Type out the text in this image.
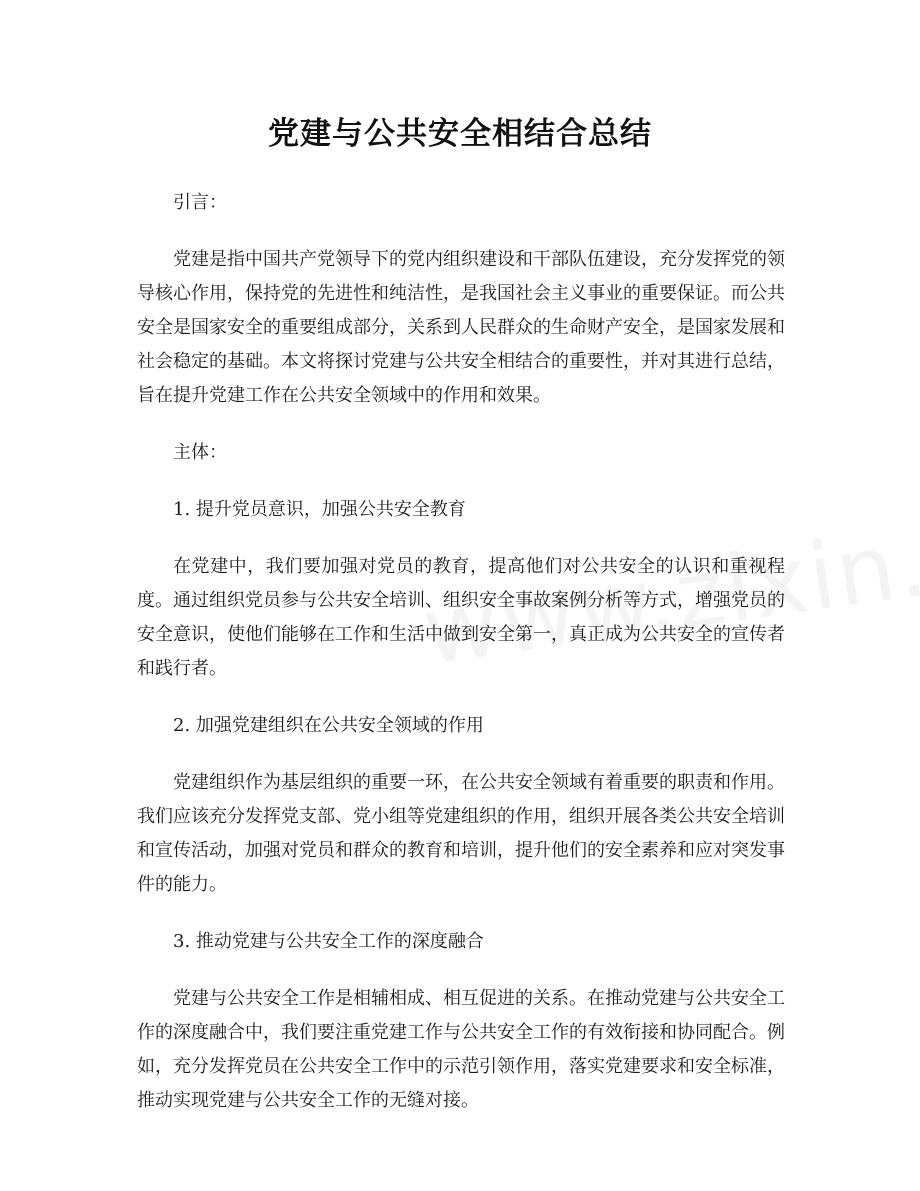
党建与公共安全相结合总结

引言：

党建是指中国共产党领导下的党内组织建设和干部队伍建设，充分发挥党的领导核心作用，保持党的先进性和纯洁性，是我国社会主义事业的重要保证。而公共安全是国家安全的重要组成部分，关系到人民群众的生命财产安全，是国家发展和社会稳定的基础。本文将探讨党建与公共安全相结合的重要性，并对其进行总结，旨在提升党建工作在公共安全领域中的作用和效果。

主体：

1. 提升党员意识，加强公共安全教育

在党建中，我们要加强对党员的教育，提高他们对公共安全的认识和重视程度。通过组织党员参与公共安全培训、组织安全事故案例分析等方式，增强党员的安全意识，使他们能够在工作和生活中做到安全第一，真正成为公共安全的宣传者和践行者。

2. 加强党建组织在公共安全领域的作用

党建组织作为基层组织的重要一环，在公共安全领域有着重要的职责和作用。我们应该充分发挥党支部、党小组等党建组织的作用，组织开展各类公共安全培训和宣传活动，加强对党员和群众的教育和培训，提升他们的安全素养和应对突发事件的能力。

3. 推动党建与公共安全工作的深度融合

党建与公共安全工作是相辅相成、相互促进的关系。在推动党建与公共安全工作的深度融合中，我们要注重党建工作与公共安全工作的有效衔接和协同配合。例如，充分发挥党员在公共安全工作中的示范引领作用，落实党建要求和安全标准，推动实现党建与公共安全工作的无缝对接。
